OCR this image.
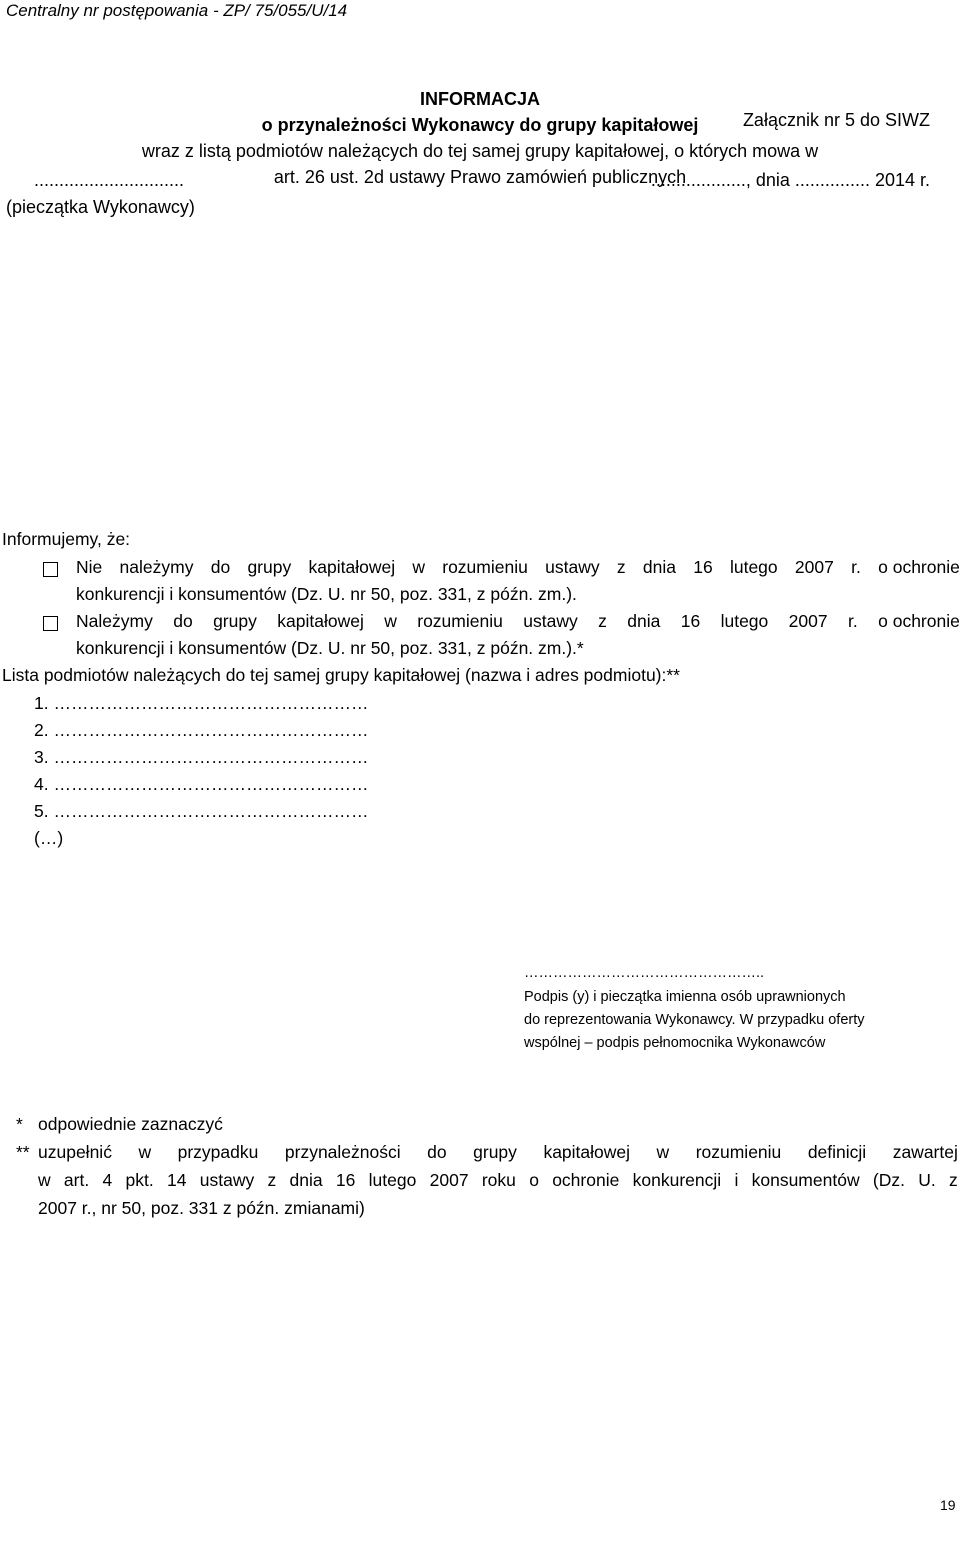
Centralny nr postępowania - ZP/ 75/055/U/14
Załącznik nr 5 do SIWZ
..................., dnia ............... 2014 r.
..............................
(pieczątka Wykonawcy)
INFORMACJA
o przynależności Wykonawcy do grupy kapitałowej
wraz z listą podmiotów należących do tej samej grupy kapitałowej, o których mowa w
art. 26 ust. 2d ustawy Prawo zamówień publicznych
Informujemy, że:
Nie należymy do grupy kapitałowej w rozumieniu ustawy z dnia 16 lutego 2007 r. o ochronie
konkurencji i konsumentów (Dz. U. nr 50, poz. 331, z późn. zm.).
Należymy do grupy kapitałowej w rozumieniu ustawy z dnia 16 lutego 2007 r. o ochronie
konkurencji i konsumentów (Dz. U. nr 50, poz. 331, z późn. zm.).*
Lista podmiotów należących do tej samej grupy kapitałowej (nazwa i adres podmiotu):**
1. ………………………………………………
2. ………………………………………………
3. ………………………………………………
4. ………………………………………………
5. ………………………………………………
(…)
…………………………………………..
Podpis (y) i pieczątka imienna osób uprawnionych
do reprezentowania Wykonawcy. W przypadku oferty
wspólnej – podpis pełnomocnika Wykonawców
* odpowiednie zaznaczyć
** uzupełnić w przypadku przynależności do grupy kapitałowej w rozumieniu definicji zawartej
w art. 4 pkt. 14 ustawy z dnia 16 lutego 2007 roku o ochronie konkurencji i konsumentów (Dz. U. z
2007 r., nr 50, poz. 331 z późn. zmianami)
19
